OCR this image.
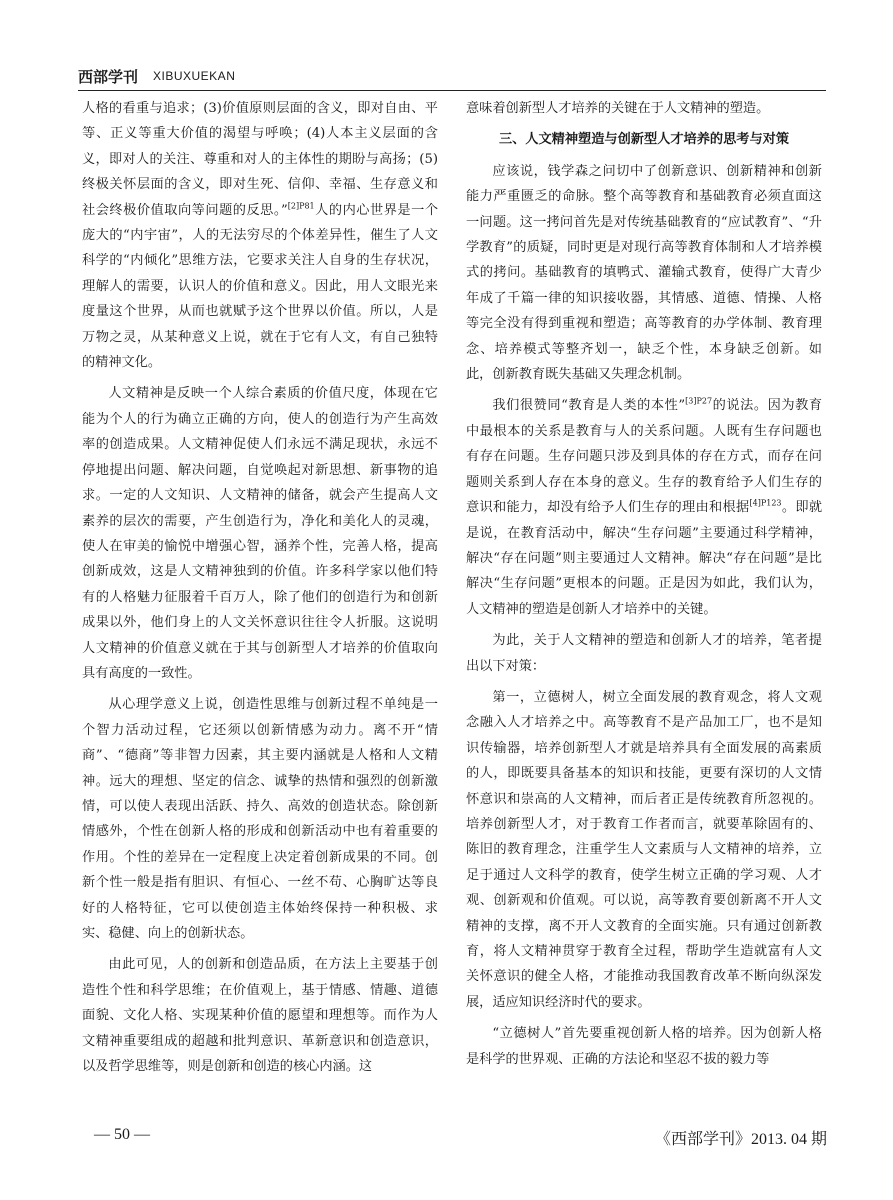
西部学刊 XIBUXUEKAN

人格的看重与追求；(3)价值原则层面的含义，即对自由、平等、正义等重大价值的渴望与呼唤；(4)人本主义层面的含义，即对人的关注、尊重和对人的主体性的期盼与高扬；(5)终极关怀层面的含义，即对生死、信仰、幸福、生存意义和社会终极价值取向等问题的反思。”$^{[2]P81}$人的内心世界是一个庞大的“内宇宙”，人的无法穷尽的个体差异性，催生了人文科学的“内倾化”思维方法，它要求关注人自身的生存状况，理解人的需要，认识人的价值和意义。因此，用人文眼光来度量这个世界，从而也就赋予这个世界以价值。所以，人是万物之灵，从某种意义上说，就在于它有人文，有自己独特的精神文化。

人文精神是反映一个人综合素质的价值尺度，体现在它能为个人的行为确立正确的方向，使人的创造行为产生高效率的创造成果。人文精神促使人们永远不满足现状，永远不停地提出问题、解决问题，自觉唤起对新思想、新事物的追求。一定的人文知识、人文精神的储备，就会产生提高人文素养的层次的需要，产生创造行为，净化和美化人的灵魂，使人在审美的愉悦中增强心智，涵养个性，完善人格，提高创新成效，这是人文精神独到的价值。许多科学家以他们特有的人格魅力征服着千百万人，除了他们的创造行为和创新成果以外，他们身上的人文关怀意识往往令人折服。这说明人文精神的价值意义就在于其与创新型人才培养的价值取向具有高度的一致性。

从心理学意义上说，创造性思维与创新过程不单纯是一个智力活动过程，它还须以创新情感为动力。离不开“情商”、“德商”等非智力因素，其主要内涵就是人格和人文精神。远大的理想、坚定的信念、诚挚的热情和强烈的创新激情，可以使人表现出活跃、持久、高效的创造状态。除创新情感外，个性在创新人格的形成和创新活动中也有着重要的作用。个性的差异在一定程度上决定着创新成果的不同。创新个性一般是指有胆识、有恒心、一丝不苟、心胸旷达等良好的人格特征，它可以使创造主体始终保持一种积极、求实、稳健、向上的创新状态。

由此可见，人的创新和创造品质，在方法上主要基于创造性个性和科学思维；在价值观上，基于情感、情趣、道德面貌、文化人格、实现某种价值的愿望和理想等。而作为人文精神重要组成的超越和批判意识、革新意识和创造意识，以及哲学思维等，则是创新和创造的核心内涵。这

意味着创新型人才培养的关键在于人文精神的塑造。

三、人文精神塑造与创新型人才培养的思考与对策

应该说，钱学森之问切中了创新意识、创新精神和创新能力严重匮乏的命脉。整个高等教育和基础教育必须直面这一问题。这一拷问首先是对传统基础教育的“应试教育”、“升学教育”的质疑，同时更是对现行高等教育体制和人才培养模式的拷问。基础教育的填鸭式、灌输式教育，使得广大青少年成了千篇一律的知识接收器，其情感、道德、情操、人格等完全没有得到重视和塑造；高等教育的办学体制、教育理念、培养模式等整齐划一，缺乏个性，本身缺乏创新。如此，创新教育既失基础又失理念机制。

我们很赞同“教育是人类的本性”$^{[3]P27}$的说法。因为教育中最根本的关系是教育与人的关系问题。人既有生存问题也有存在问题。生存问题只涉及到具体的存在方式，而存在问题则关系到人存在本身的意义。生存的教育给予人们生存的意识和能力，却没有给予人们生存的理由和根据$^{[4]P123}$。即就是说，在教育活动中，解决“生存问题”主要通过科学精神，解决“存在问题”则主要通过人文精神。解决“存在问题”是比解决“生存问题”更根本的问题。正是因为如此，我们认为，人文精神的塑造是创新人才培养中的关键。

为此，关于人文精神的塑造和创新人才的培养，笔者提出以下对策：

第一，立德树人，树立全面发展的教育观念，将人文观念融入人才培养之中。高等教育不是产品加工厂，也不是知识传输器，培养创新型人才就是培养具有全面发展的高素质的人，即既要具备基本的知识和技能，更要有深切的人文情怀意识和崇高的人文精神，而后者正是传统教育所忽视的。培养创新型人才，对于教育工作者而言，就要革除固有的、陈旧的教育理念，注重学生人文素质与人文精神的培养，立足于通过人文科学的教育，使学生树立正确的学习观、人才观、创新观和价值观。可以说，高等教育要创新离不开人文精神的支撑，离不开人文教育的全面实施。只有通过创新教育，将人文精神贯穿于教育全过程，帮助学生造就富有人文关怀意识的健全人格，才能推动我国教育改革不断向纵深发展，适应知识经济时代的要求。

“立德树人”首先要重视创新人格的培养。因为创新人格是科学的世界观、正确的方法论和坚忍不拔的毅力等

— 50 —	《西部学刊》2013. 04 期
